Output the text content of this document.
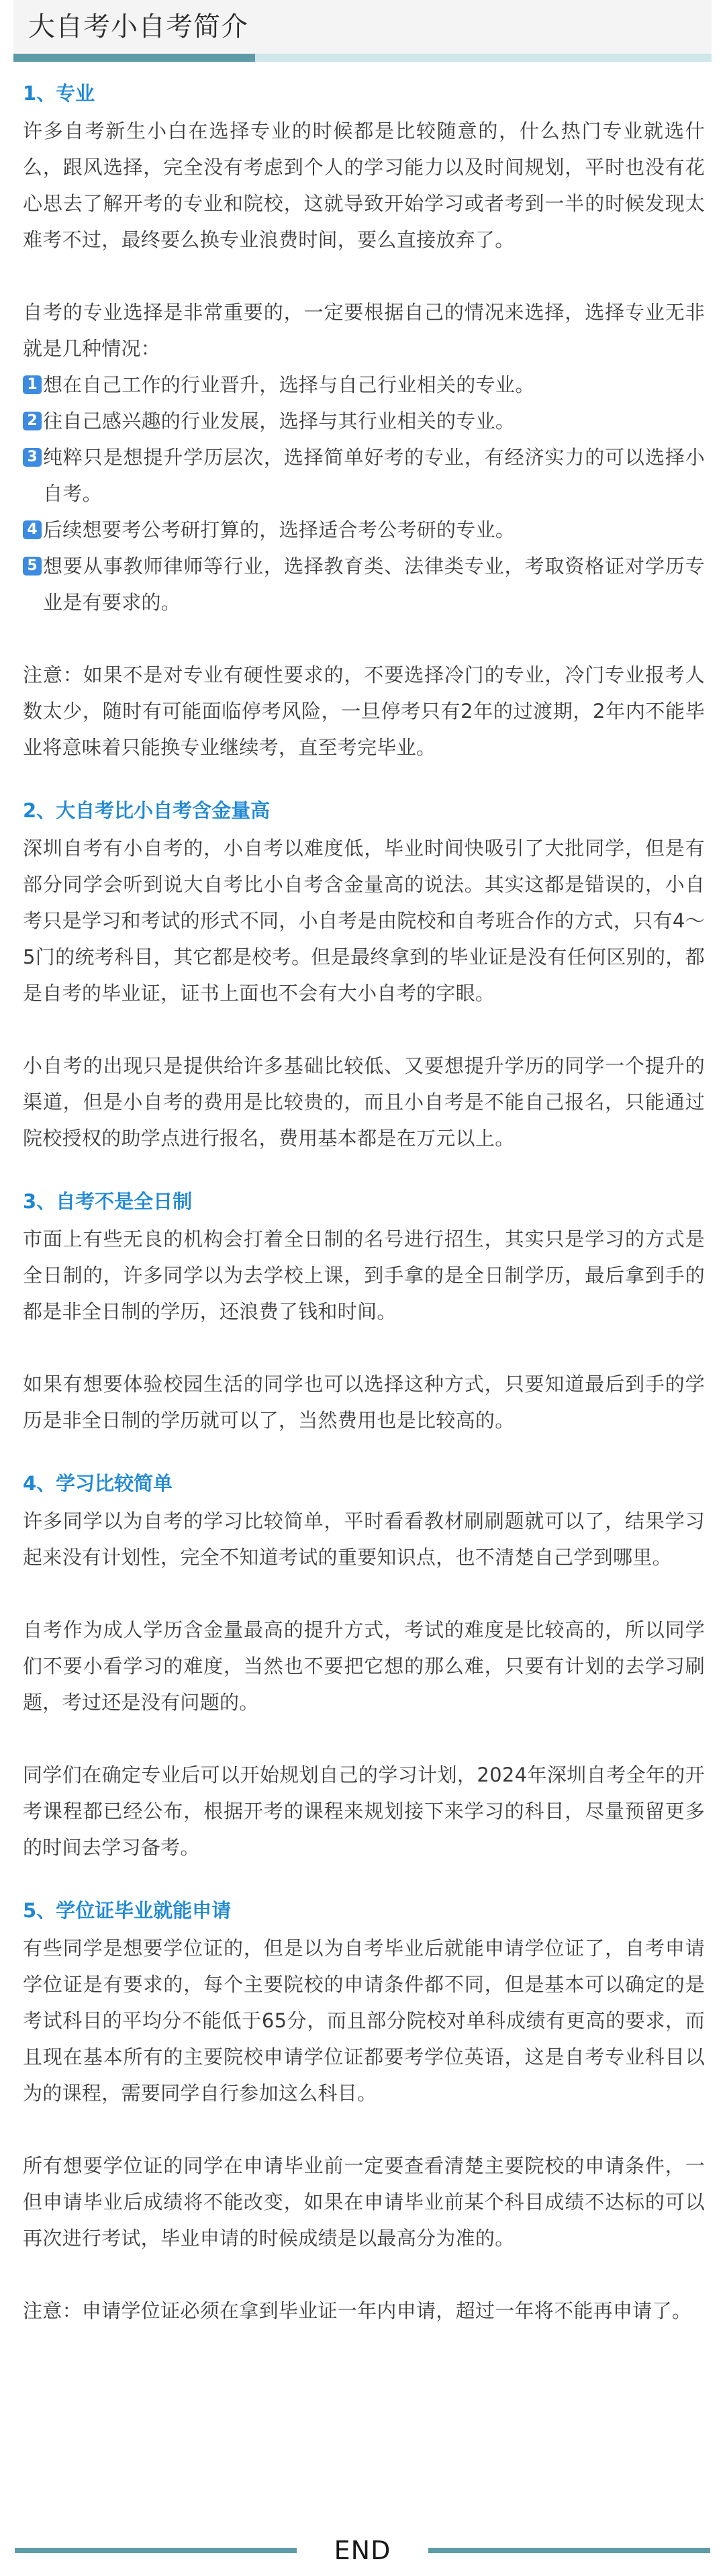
大自考小自考简介
1、专业

许多自考新生小白在选择专业的时候都是比较随意的，什么热门专业就选什么，跟风选择，完全没有考虑到个人的学习能力以及时间规划，平时也没有花心思去了解开考的专业和院校，这就导致开始学习或者考到一半的时候发现太难考不过，最终要么换专业浪费时间，要么直接放弃了。

自考的专业选择是非常重要的，一定要根据自己的情况来选择，选择专业无非就是几种情况：

1 想在自己工作的行业晋升，选择与自己行业相关的专业。
2 往自己感兴趣的行业发展，选择与其行业相关的专业。
3 纯粹只是想提升学历层次，选择简单好考的专业，有经济实力的可以选择小自考。
4 后续想要考公考研打算的，选择适合考公考研的专业。
5 想要从事教师律师等行业，选择教育类、法律类专业，考取资格证对学历专业是有要求的。

注意：如果不是对专业有硬性要求的，不要选择冷门的专业，冷门专业报考人数太少，随时有可能面临停考风险，一旦停考只有2年的过渡期，2年内不能毕业将意味着只能换专业继续考，直至考完毕业。

2、大自考比小自考含金量高

深圳自考有小自考的，小自考以难度低，毕业时间快吸引了大批同学，但是有部分同学会听到说大自考比小自考含金量高的说法。其实这都是错误的，小自考只是学习和考试的形式不同，小自考是由院校和自考班合作的方式，只有4～5门的统考科目，其它都是校考。但是最终拿到的毕业证是没有任何区别的，都是自考的毕业证，证书上面也不会有大小自考的字眼。

小自考的出现只是提供给许多基础比较低、又要想提升学历的同学一个提升的渠道，但是小自考的费用是比较贵的，而且小自考是不能自己报名，只能通过院校授权的助学点进行报名，费用基本都是在万元以上。

3、自考不是全日制

市面上有些无良的机构会打着全日制的名号进行招生，其实只是学习的方式是全日制的，许多同学以为去学校上课，到手拿的是全日制学历，最后拿到手的都是非全日制的学历，还浪费了钱和时间。

如果有想要体验校园生活的同学也可以选择这种方式，只要知道最后到手的学历是非全日制的学历就可以了，当然费用也是比较高的。

4、学习比较简单

许多同学以为自考的学习比较简单，平时看看教材刷刷题就可以了，结果学习起来没有计划性，完全不知道考试的重要知识点，也不清楚自己学到哪里。

自考作为成人学历含金量最高的提升方式，考试的难度是比较高的，所以同学们不要小看学习的难度，当然也不要把它想的那么难，只要有计划的去学习刷题，考过还是没有问题的。

同学们在确定专业后可以开始规划自己的学习计划，2024年深圳自考全年的开考课程都已经公布，根据开考的课程来规划接下来学习的科目，尽量预留更多的时间去学习备考。

5、学位证毕业就能申请

有些同学是想要学位证的，但是以为自考毕业后就能申请学位证了，自考申请学位证是有要求的，每个主要院校的申请条件都不同，但是基本可以确定的是考试科目的平均分不能低于65分，而且部分院校对单科成绩有更高的要求，而且现在基本所有的主要院校申请学位证都要考学位英语，这是自考专业科目以为的课程，需要同学自行参加这么科目。

所有想要学位证的同学在申请毕业前一定要查看清楚主要院校的申请条件，一但申请毕业后成绩将不能改变，如果在申请毕业前某个科目成绩不达标的可以再次进行考试，毕业申请的时候成绩是以最高分为准的。

注意：申请学位证必须在拿到毕业证一年内申请，超过一年将不能再申请了。

END
